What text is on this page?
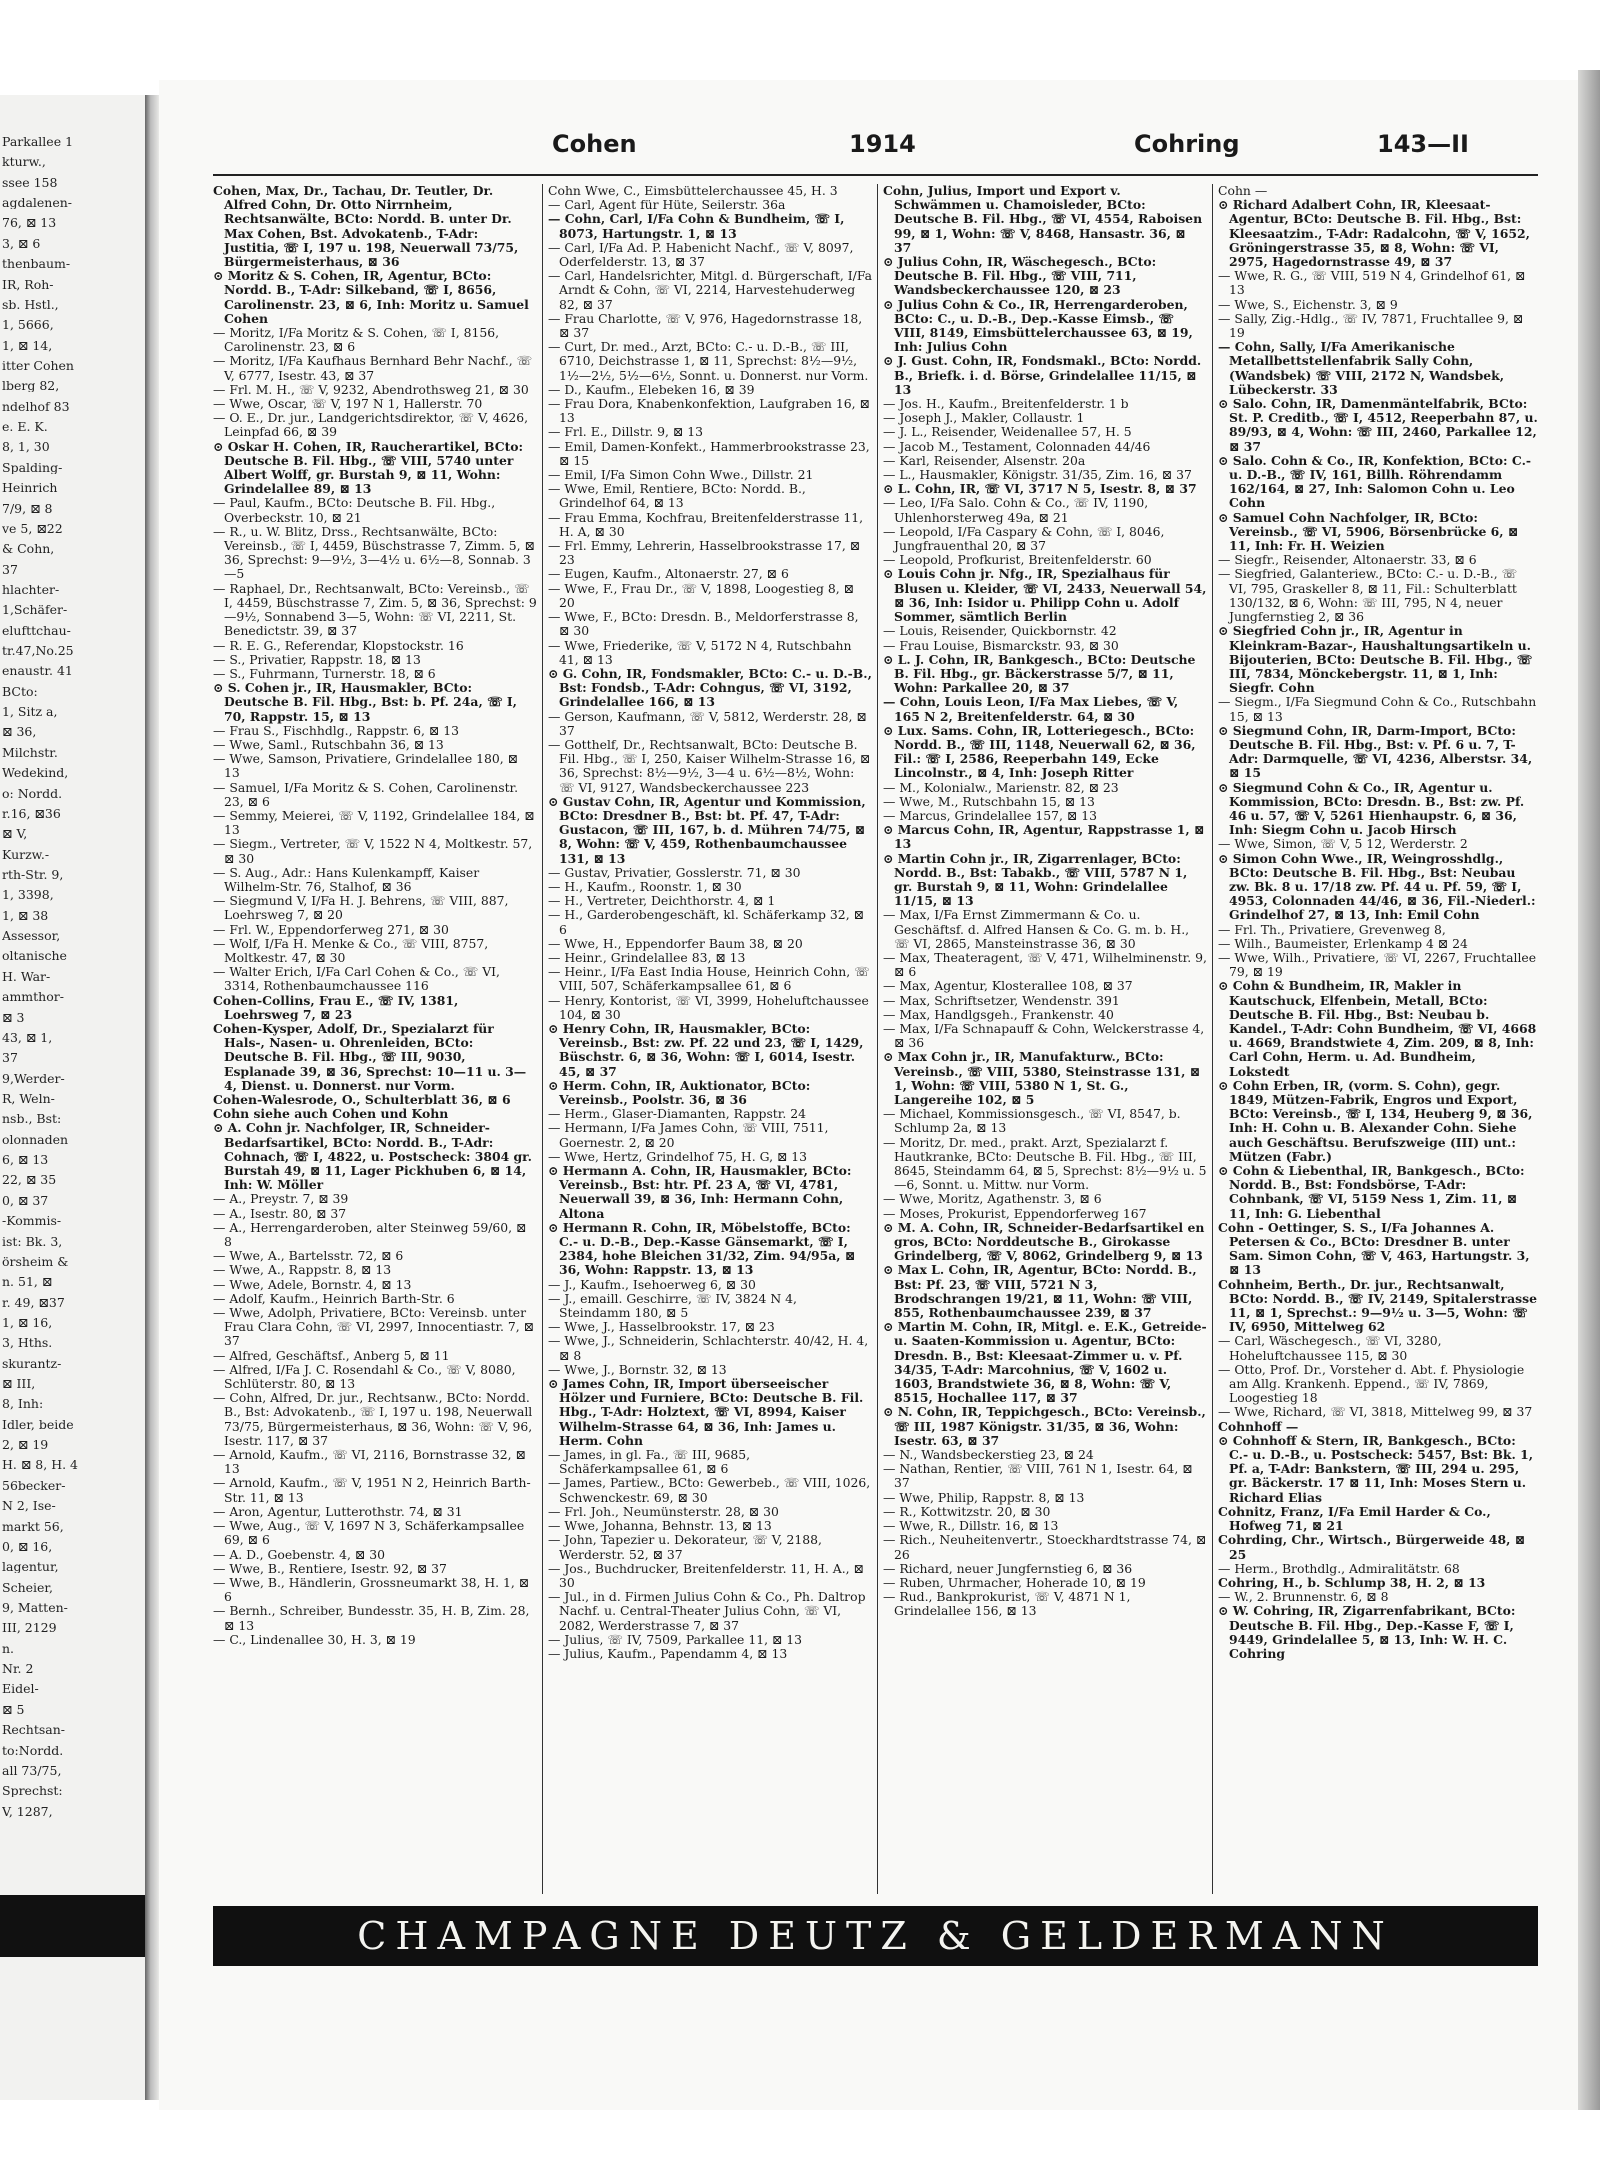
Parkallee 1
kturw.,
ssee 158
agdalenen-
76, ⊠ 13
3, ⊠ 6
thenbaum-
IR, Roh-
sb. Hstl.,
1, 5666,
1, ⊠ 14,
itter Cohen
lberg 82,
ndelhof 83
e. E. K.
8, 1, 30
Spalding-
Heinrich
7/9, ⊠ 8
ve 5, ⊠22
& Cohn,
37
hlachter-
1,Schäfer-
elufttchau-
tr.47,No.25
enaustr. 41
BCto:
1, Sitz a,
⊠ 36,
Milchstr.
Wedekind,
o: Nordd.
r.16, ⊠36
⊠ V,
Kurzw.-
rth-Str. 9,
1, 3398,
1, ⊠ 38
Assessor,
oltanische
H. War-
ammthor-
⊠ 3
43, ⊠ 1,
37
9,Werder-
R, Weln-
nsb., Bst:
olonnaden
6, ⊠ 13
22, ⊠ 35
0, ⊠ 37
-Kommis-
ist: Bk. 3,
örsheim &
n. 51, ⊠
r. 49, ⊠37
1, ⊠ 16,
3, Hths.
skurantz-
⊠ III,
8, Inh:
Idler, beide
2, ⊠ 19
H. ⊠ 8, H. 4
56becker-
N 2, Ise-
markt 56,
0, ⊠ 16,
lagentur,
Scheier,
9, Matten-
III, 2129
n.
Nr. 2
Eidel-
⊠ 5
Rechtsan-
to:Nordd.
all 73/75,
Sprechst:
V, 1287,
Cohen	1914	Cohring	143—II

Cohen, Max, Dr., Tachau, Dr. Teutler, Dr. Alfred Cohn, Dr. Otto Nirrnheim, Rechtsanwälte, BCto: Nordd. B. unter Dr. Max Cohen, Bst. Advokatenb., T-Adr: Justitia, ☏ I, 197 u. 198, Neuerwall 73/75, Bürgermeisterhaus, ⊠ 36

⊙ Moritz & S. Cohen, IR, Agentur, BCto: Nordd. B., T-Adr: Silkeband, ☏ I, 8656, Carolinenstr. 23, ⊠ 6, Inh: Moritz u. Samuel Cohen

— Moritz, I/Fa Moritz & S. Cohen, ☏ I, 8156, Carolinenstr. 23, ⊠ 6

— Moritz, I/Fa Kaufhaus Bernhard Behr Nachf., ☏ V, 6777, Isestr. 43, ⊠ 37

— Frl. M. H., ☏ V, 9232, Abendrothsweg 21, ⊠ 30

— Wwe, Oscar, ☏ V, 197 N 1, Hallerstr. 70

— O. E., Dr. jur., Landgerichtsdirektor, ☏ V, 4626, Leinpfad 66, ⊠ 39

⊙ Oskar H. Cohen, IR, Raucherartikel, BCto: Deutsche B. Fil. Hbg., ☏ VIII, 5740 unter Albert Wolff, gr. Burstah 9, ⊠ 11, Wohn: Grindelallee 89, ⊠ 13

— Paul, Kaufm., BCto: Deutsche B. Fil. Hbg., Overbeckstr. 10, ⊠ 21

— R., u. W. Blitz, Drss., Rechtsanwälte, BCto: Vereinsb., ☏ I, 4459, Büschstrasse 7, Zimm. 5, ⊠ 36, Sprechst: 9—9½, 3—4½ u. 6½—8, Sonnab. 3—5

— Raphael, Dr., Rechtsanwalt, BCto: Vereinsb., ☏ I, 4459, Büschstrasse 7, Zim. 5, ⊠ 36, Sprechst: 9—9½, Sonnabend 3—5, Wohn: ☏ VI, 2211, St. Benedictstr. 39, ⊠ 37

— R. E. G., Referendar, Klopstockstr. 16

— S., Privatier, Rappstr. 18, ⊠ 13

— S., Fuhrmann, Turnerstr. 18, ⊠ 6

⊙ S. Cohen jr., IR, Hausmakler, BCto: Deutsche B. Fil. Hbg., Bst: b. Pf. 24a, ☏ I, 70, Rappstr. 15, ⊠ 13

— Frau S., Fischhdlg., Rappstr. 6, ⊠ 13

— Wwe, Saml., Rutschbahn 36, ⊠ 13

— Wwe, Samson, Privatiere, Grindelallee 180, ⊠ 13

— Samuel, I/Fa Moritz & S. Cohen, Carolinenstr. 23, ⊠ 6

— Semmy, Meierei, ☏ V, 1192, Grindelallee 184, ⊠ 13

— Siegm., Vertreter, ☏ V, 1522 N 4, Moltkestr. 57, ⊠ 30

— S. Aug., Adr.: Hans Kulenkampff, Kaiser Wilhelm-Str. 76, Stalhof, ⊠ 36

— Siegmund V, I/Fa H. J. Behrens, ☏ VIII, 887, Loehrsweg 7, ⊠ 20

— Frl. W., Eppendorferweg 271, ⊠ 30

— Wolf, I/Fa H. Menke & Co., ☏ VIII, 8757, Moltkestr. 47, ⊠ 30

— Walter Erich, I/Fa Carl Cohen & Co., ☏ VI, 3314, Rothenbaumchaussee 116

Cohen-Collins, Frau E., ☏ IV, 1381, Loehrsweg 7, ⊠ 23

Cohen-Kysper, Adolf, Dr., Spezialarzt für Hals-, Nasen- u. Ohrenleiden, BCto: Deutsche B. Fil. Hbg., ☏ III, 9030, Esplanade 39, ⊠ 36, Sprechst: 10—11 u. 3—4, Dienst. u. Donnerst. nur Vorm.

Cohen-Walesrode, O., Schulterblatt 36, ⊠ 6

Cohn siehe auch Cohen und Kohn

⊙ A. Cohn jr. Nachfolger, IR, Schneider-Bedarfsartikel, BCto: Nordd. B., T-Adr: Cohnach, ☏ I, 4822, u. Postscheck: 3804 gr. Burstah 49, ⊠ 11, Lager Pickhuben 6, ⊠ 14, Inh: W. Möller

— A., Preystr. 7, ⊠ 39

— A., Isestr. 80, ⊠ 37

— A., Herrengarderoben, alter Steinweg 59/60, ⊠ 8

— Wwe, A., Bartelsstr. 72, ⊠ 6

— Wwe, A., Rappstr. 8, ⊠ 13

— Wwe, Adele, Bornstr. 4, ⊠ 13

— Adolf, Kaufm., Heinrich Barth-Str. 6

— Wwe, Adolph, Privatiere, BCto: Vereinsb. unter Frau Clara Cohn, ☏ VI, 2997, Innocentiastr. 7, ⊠ 37

— Alfred, Geschäftsf., Anberg 5, ⊠ 11

— Alfred, I/Fa J. C. Rosendahl & Co., ☏ V, 8080, Schlüterstr. 80, ⊠ 13

— Cohn, Alfred, Dr. jur., Rechtsanw., BCto: Nordd. B., Bst: Advokatenb., ☏ I, 197 u. 198, Neuerwall 73/75, Bürgermeisterhaus, ⊠ 36, Wohn: ☏ V, 96, Isestr. 117, ⊠ 37

— Arnold, Kaufm., ☏ VI, 2116, Bornstrasse 32, ⊠ 13

— Arnold, Kaufm., ☏ V, 1951 N 2, Heinrich Barth-Str. 11, ⊠ 13

— Aron, Agentur, Lutterothstr. 74, ⊠ 31

— Wwe, Aug., ☏ V, 1697 N 3, Schäferkampsallee 69, ⊠ 6

— A. D., Goebenstr. 4, ⊠ 30

— Wwe, B., Rentiere, Isestr. 92, ⊠ 37

— Wwe, B., Händlerin, Grossneumarkt 38, H. 1, ⊠ 6

— Bernh., Schreiber, Bundesstr. 35, H. B, Zim. 28, ⊠ 13

— C., Lindenallee 30, H. 3, ⊠ 19

Cohn Wwe, C., Eimsbüttelerchaussee 45, H. 3

— Carl, Agent für Hüte, Seilerstr. 36a

— Cohn, Carl, I/Fa Cohn & Bundheim, ☏ I, 8073, Hartungstr. 1, ⊠ 13

— Carl, I/Fa Ad. P. Habenicht Nachf., ☏ V, 8097, Oderfelderstr. 13, ⊠ 37

— Carl, Handelsrichter, Mitgl. d. Bürgerschaft, I/Fa Arndt & Cohn, ☏ VI, 2214, Harvestehuderweg 82, ⊠ 37

— Frau Charlotte, ☏ V, 976, Hagedornstrasse 18, ⊠ 37

— Curt, Dr. med., Arzt, BCto: C.- u. D.-B., ☏ III, 6710, Deichstrasse 1, ⊠ 11, Sprechst: 8½—9½, 1½—2½, 5½—6½, Sonnt. u. Donnerst. nur Vorm.

— D., Kaufm., Elebeken 16, ⊠ 39

— Frau Dora, Knabenkonfektion, Laufgraben 16, ⊠ 13

— Frl. E., Dillstr. 9, ⊠ 13

— Emil, Damen-Konfekt., Hammerbrookstrasse 23, ⊠ 15

— Emil, I/Fa Simon Cohn Wwe., Dillstr. 21

— Wwe, Emil, Rentiere, BCto: Nordd. B., Grindelhof 64, ⊠ 13

— Frau Emma, Kochfrau, Breitenfelderstrasse 11, H. A, ⊠ 30

— Frl. Emmy, Lehrerin, Hasselbrookstrasse 17, ⊠ 23

— Eugen, Kaufm., Altonaerstr. 27, ⊠ 6

— Wwe, F., Frau Dr., ☏ V, 1898, Loogestieg 8, ⊠ 20

— Wwe, F., BCto: Dresdn. B., Meldorferstrasse 8, ⊠ 30

— Wwe, Friederike, ☏ V, 5172 N 4, Rutschbahn 41, ⊠ 13

⊙ G. Cohn, IR, Fondsmakler, BCto: C.- u. D.-B., Bst: Fondsb., T-Adr: Cohngus, ☏ VI, 3192, Grindelallee 166, ⊠ 13

— Gerson, Kaufmann, ☏ V, 5812, Werderstr. 28, ⊠ 37

— Gotthelf, Dr., Rechtsanwalt, BCto: Deutsche B. Fil. Hbg., ☏ I, 250, Kaiser Wilhelm-Strasse 16, ⊠ 36, Sprechst: 8½—9½, 3—4 u. 6½—8½, Wohn: ☏ VI, 9127, Wandsbeckerchaussee 223

⊙ Gustav Cohn, IR, Agentur und Kommission, BCto: Dresdner B., Bst: bt. Pf. 47, T-Adr: Gustacon, ☏ III, 167, b. d. Mühren 74/75, ⊠ 8, Wohn: ☏ V, 459, Rothenbaumchaussee 131, ⊠ 13

— Gustav, Privatier, Gosslerstr. 71, ⊠ 30

— H., Kaufm., Roonstr. 1, ⊠ 30

— H., Vertreter, Deichthorstr. 4, ⊠ 1

— H., Garderobengeschäft, kl. Schäferkamp 32, ⊠ 6

— Wwe, H., Eppendorfer Baum 38, ⊠ 20

— Heinr., Grindelallee 83, ⊠ 13

— Heinr., I/Fa East India House, Heinrich Cohn, ☏ VIII, 507, Schäferkampsallee 61, ⊠ 6

— Henry, Kontorist, ☏ VI, 3999, Hoheluftchaussee 104, ⊠ 30

⊙ Henry Cohn, IR, Hausmakler, BCto: Vereinsb., Bst: zw. Pf. 22 und 23, ☏ I, 1429, Büschstr. 6, ⊠ 36, Wohn: ☏ I, 6014, Isestr. 45, ⊠ 37

⊙ Herm. Cohn, IR, Auktionator, BCto: Vereinsb., Poolstr. 36, ⊠ 36

— Herm., Glaser-Diamanten, Rappstr. 24

— Hermann, I/Fa James Cohn, ☏ VIII, 7511, Goernestr. 2, ⊠ 20

— Wwe, Hertz, Grindelhof 75, H. G, ⊠ 13

⊙ Hermann A. Cohn, IR, Hausmakler, BCto: Vereinsb., Bst: htr. Pf. 23 A, ☏ VI, 4781, Neuerwall 39, ⊠ 36, Inh: Hermann Cohn, Altona

⊙ Hermann R. Cohn, IR, Möbelstoffe, BCto: C.- u. D.-B., Dep.-Kasse Gänsemarkt, ☏ I, 2384, hohe Bleichen 31/32, Zim. 94/95a, ⊠ 36, Wohn: Rappstr. 13, ⊠ 13

— J., Kaufm., Isehoerweg 6, ⊠ 30

— J., emaill. Geschirre, ☏ IV, 3824 N 4, Steindamm 180, ⊠ 5

— Wwe, J., Hasselbrookstr. 17, ⊠ 23

— Wwe, J., Schneiderin, Schlachterstr. 40/42, H. 4, ⊠ 8

— Wwe, J., Bornstr. 32, ⊠ 13

⊙ James Cohn, IR, Import überseeischer Hölzer und Furniere, BCto: Deutsche B. Fil. Hbg., T-Adr: Holztext, ☏ VI, 8994, Kaiser Wilhelm-Strasse 64, ⊠ 36, Inh: James u. Herm. Cohn

— James, in gl. Fa., ☏ III, 9685, Schäferkampsallee 61, ⊠ 6

— James, Partiew., BCto: Gewerbeb., ☏ VIII, 1026, Schwenckestr. 69, ⊠ 30

— Frl. Joh., Neumünsterstr. 28, ⊠ 30

— Wwe, Johanna, Behnstr. 13, ⊠ 13

— John, Tapezier u. Dekorateur, ☏ V, 2188, Werderstr. 52, ⊠ 37

— Jos., Buchdrucker, Breitenfelderstr. 11, H. A., ⊠ 30

— Jul., in d. Firmen Julius Cohn & Co., Ph. Daltrop Nachf. u. Central-Theater Julius Cohn, ☏ VI, 2082, Werderstrasse 7, ⊠ 37

— Julius, ☏ IV, 7509, Parkallee 11, ⊠ 13

— Julius, Kaufm., Papendamm 4, ⊠ 13

Cohn, Julius, Import und Export v. Schwämmen u. Chamoisleder, BCto: Deutsche B. Fil. Hbg., ☏ VI, 4554, Raboisen 99, ⊠ 1, Wohn: ☏ V, 8468, Hansastr. 36, ⊠ 37

⊙ Julius Cohn, IR, Wäschegesch., BCto: Deutsche B. Fil. Hbg., ☏ VIII, 711, Wandsbeckerchaussee 120, ⊠ 23

⊙ Julius Cohn & Co., IR, Herrengarderoben, BCto: C., u. D.-B., Dep.-Kasse Eimsb., ☏ VIII, 8149, Eimsbüttelerchaussee 63, ⊠ 19, Inh: Julius Cohn

⊙ J. Gust. Cohn, IR, Fondsmakl., BCto: Nordd. B., Briefk. i. d. Börse, Grindelallee 11/15, ⊠ 13

— Jos. H., Kaufm., Breitenfelderstr. 1 b

— Joseph J., Makler, Collaustr. 1

— J. L., Reisender, Weidenallee 57, H. 5

— Jacob M., Testament, Colonnaden 44/46

— Karl, Reisender, Alsenstr. 20a

— L., Hausmakler, Königstr. 31/35, Zim. 16, ⊠ 37

⊙ L. Cohn, IR, ☏ VI, 3717 N 5, Isestr. 8, ⊠ 37

— Leo, I/Fa Salo. Cohn & Co., ☏ IV, 1190, Uhlenhorsterweg 49a, ⊠ 21

— Leopold, I/Fa Caspary & Cohn, ☏ I, 8046, Jungfrauenthal 20, ⊠ 37

— Leopold, Profkurist, Breitenfelderstr. 60

⊙ Louis Cohn jr. Nfg., IR, Spezialhaus für Blusen u. Kleider, ☏ VI, 2433, Neuerwall 54, ⊠ 36, Inh: Isidor u. Philipp Cohn u. Adolf Sommer, sämtlich Berlin

— Louis, Reisender, Quickbornstr. 42

— Frau Louise, Bismarckstr. 93, ⊠ 30

⊙ L. J. Cohn, IR, Bankgesch., BCto: Deutsche B. Fil. Hbg., gr. Bäckerstrasse 5/7, ⊠ 11, Wohn: Parkallee 20, ⊠ 37

— Cohn, Louis Leon, I/Fa Max Liebes, ☏ V, 165 N 2, Breitenfelderstr. 64, ⊠ 30

⊙ Lux. Sams. Cohn, IR, Lotteriegesch., BCto: Nordd. B., ☏ III, 1148, Neuerwall 62, ⊠ 36, Fil.: ☏ I, 2586, Reeperbahn 149, Ecke Lincolnstr., ⊠ 4, Inh: Joseph Ritter

— M., Kolonialw., Marienstr. 82, ⊠ 23

— Wwe, M., Rutschbahn 15, ⊠ 13

— Marcus, Grindelallee 157, ⊠ 13

⊙ Marcus Cohn, IR, Agentur, Rappstrasse 1, ⊠ 13

⊙ Martin Cohn jr., IR, Zigarrenlager, BCto: Nordd. B., Bst: Tabakb., ☏ VIII, 5787 N 1, gr. Burstah 9, ⊠ 11, Wohn: Grindelallee 11/15, ⊠ 13

— Max, I/Fa Ernst Zimmermann & Co. u. Geschäftsf. d. Alfred Hansen & Co. G. m. b. H., ☏ VI, 2865, Mansteinstrasse 36, ⊠ 30

— Max, Theateragent, ☏ V, 471, Wilhelminenstr. 9, ⊠ 6

— Max, Agentur, Klosterallee 108, ⊠ 37

— Max, Schriftsetzer, Wendenstr. 391

— Max, Handlgsgeh., Frankenstr. 40

— Max, I/Fa Schnapauff & Cohn, Welckerstrasse 4, ⊠ 36

⊙ Max Cohn jr., IR, Manufakturw., BCto: Vereinsb., ☏ VIII, 5380, Steinstrasse 131, ⊠ 1, Wohn: ☏ VIII, 5380 N 1, St. G., Langereihe 102, ⊠ 5

— Michael, Kommissionsgesch., ☏ VI, 8547, b. Schlump 2a, ⊠ 13

— Moritz, Dr. med., prakt. Arzt, Spezialarzt f. Hautkranke, BCto: Deutsche B. Fil. Hbg., ☏ III, 8645, Steindamm 64, ⊠ 5, Sprechst: 8½—9½ u. 5—6, Sonnt. u. Mittw. nur Vorm.

— Wwe, Moritz, Agathenstr. 3, ⊠ 6

— Moses, Prokurist, Eppendorferweg 167

⊙ M. A. Cohn, IR, Schneider-Bedarfsartikel en gros, BCto: Norddeutsche B., Girokasse Grindelberg, ☏ V, 8062, Grindelberg 9, ⊠ 13

⊙ Max L. Cohn, IR, Agentur, BCto: Nordd. B., Bst: Pf. 23, ☏ VIII, 5721 N 3, Brodschrangen 19/21, ⊠ 11, Wohn: ☏ VIII, 855, Rothenbaumchaussee 239, ⊠ 37

⊙ Martin M. Cohn, IR, Mitgl. e. E.K., Getreide- u. Saaten-Kommission u. Agentur, BCto: Dresdn. B., Bst: Kleesaat-Zimmer u. v. Pf. 34/35, T-Adr: Marcohnius, ☏ V, 1602 u. 1603, Brandstwiete 36, ⊠ 8, Wohn: ☏ V, 8515, Hochallee 117, ⊠ 37

⊙ N. Cohn, IR, Teppichgesch., BCto: Vereinsb., ☏ III, 1987 Königstr. 31/35, ⊠ 36, Wohn: Isestr. 63, ⊠ 37

— N., Wandsbeckerstieg 23, ⊠ 24

— Nathan, Rentier, ☏ VIII, 761 N 1, Isestr. 64, ⊠ 37

— Wwe, Philip, Rappstr. 8, ⊠ 13

— R., Kottwitzstr. 20, ⊠ 30

— Wwe, R., Dillstr. 16, ⊠ 13

— Rich., Neuheitenvertr., Stoeckhardtstrasse 74, ⊠ 26

— Richard, neuer Jungfernstieg 6, ⊠ 36

— Ruben, Uhrmacher, Hoherade 10, ⊠ 19

— Rud., Bankprokurist, ☏ V, 4871 N 1, Grindelallee 156, ⊠ 13

Cohn —

⊙ Richard Adalbert Cohn, IR, Kleesaat-Agentur, BCto: Deutsche B. Fil. Hbg., Bst: Kleesaatzim., T-Adr: Radalcohn, ☏ V, 1652, Gröningerstrasse 35, ⊠ 8, Wohn: ☏ VI, 2975, Hagedornstrasse 49, ⊠ 37

— Wwe, R. G., ☏ VIII, 519 N 4, Grindelhof 61, ⊠ 13

— Wwe, S., Eichenstr. 3, ⊠ 9

— Sally, Zig.-Hdlg., ☏ IV, 7871, Fruchtallee 9, ⊠ 19

— Cohn, Sally, I/Fa Amerikanische Metallbettstellenfabrik Sally Cohn, (Wandsbek) ☏ VIII, 2172 N, Wandsbek, Lübeckerstr. 33

⊙ Salo. Cohn, IR, Damenmäntelfabrik, BCto: St. P. Creditb., ☏ I, 4512, Reeperbahn 87, u. 89/93, ⊠ 4, Wohn: ☏ III, 2460, Parkallee 12, ⊠ 37

⊙ Salo. Cohn & Co., IR, Konfektion, BCto: C.- u. D.-B., ☏ IV, 161, Billh. Röhrendamm 162/164, ⊠ 27, Inh: Salomon Cohn u. Leo Cohn

⊙ Samuel Cohn Nachfolger, IR, BCto: Vereinsb., ☏ VI, 5906, Börsenbrücke 6, ⊠ 11, Inh: Fr. H. Weizien

— Siegfr., Reisender, Altonaerstr. 33, ⊠ 6

— Siegfried, Galanteriew., BCto: C.- u. D.-B., ☏ VI, 795, Graskeller 8, ⊠ 11, Fil.: Schulterblatt 130/132, ⊠ 6, Wohn: ☏ III, 795, N 4, neuer Jungfernstieg 2, ⊠ 36

⊙ Siegfried Cohn jr., IR, Agentur in Kleinkram-Bazar-, Haushaltungsartikeln u. Bijouterien, BCto: Deutsche B. Fil. Hbg., ☏ III, 7834, Mönckebergstr. 11, ⊠ 1, Inh: Siegfr. Cohn

— Siegm., I/Fa Siegmund Cohn & Co., Rutschbahn 15, ⊠ 13

⊙ Siegmund Cohn, IR, Darm-Import, BCto: Deutsche B. Fil. Hbg., Bst: v. Pf. 6 u. 7, T-Adr: Darmquelle, ☏ VI, 4236, Alberstsr. 34, ⊠ 15

⊙ Siegmund Cohn & Co., IR, Agentur u. Kommission, BCto: Dresdn. B., Bst: zw. Pf. 46 u. 57, ☏ V, 5261 Hienhaupstr. 6, ⊠ 36, Inh: Siegm Cohn u. Jacob Hirsch

— Wwe, Simon, ☏ V, 5 12, Werderstr. 2

⊙ Simon Cohn Wwe., IR, Weingrosshdlg., BCto: Deutsche B. Fil. Hbg., Bst: Neubau zw. Bk. 8 u. 17/18 zw. Pf. 44 u. Pf. 59, ☏ I, 4953, Colonnaden 44/46, ⊠ 36, Fil.-Niederl.: Grindelhof 27, ⊠ 13, Inh: Emil Cohn

— Frl. Th., Privatiere, Grevenweg 8,

— Wilh., Baumeister, Erlenkamp 4 ⊠ 24

— Wwe, Wilh., Privatiere, ☏ VI, 2267, Fruchtallee 79, ⊠ 19

⊙ Cohn & Bundheim, IR, Makler in Kautschuck, Elfenbein, Metall, BCto: Deutsche B. Fil. Hbg., Bst: Neubau b. Kandel., T-Adr: Cohn Bundheim, ☏ VI, 4668 u. 4669, Brandstwiete 4, Zim. 209, ⊠ 8, Inh: Carl Cohn, Herm. u. Ad. Bundheim, Lokstedt

⊙ Cohn Erben, IR, (vorm. S. Cohn), gegr. 1849, Mützen-Fabrik, Engros und Export, BCto: Vereinsb., ☏ I, 134, Heuberg 9, ⊠ 36, Inh: H. Cohn u. B. Alexander Cohn. Siehe auch Geschäftsu. Berufszweige (III) unt.: Mützen (Fabr.)

⊙ Cohn & Liebenthal, IR, Bankgesch., BCto: Nordd. B., Bst: Fondsbörse, T-Adr: Cohnbank, ☏ VI, 5159 Ness 1, Zim. 11, ⊠ 11, Inh: G. Liebenthal

Cohn - Oettinger, S. S., I/Fa Johannes A. Petersen & Co., BCto: Dresdner B. unter Sam. Simon Cohn, ☏ V, 463, Hartungstr. 3, ⊠ 13

Cohnheim, Berth., Dr. jur., Rechtsanwalt, BCto: Nordd. B., ☏ IV, 2149, Spitalerstrasse 11, ⊠ 1, Sprechst.: 9—9½ u. 3—5, Wohn: ☏ IV, 6950, Mittelweg 62

— Carl, Wäschegesch., ☏ VI, 3280, Hoheluftchaussee 115, ⊠ 30

— Otto, Prof. Dr., Vorsteher d. Abt. f. Physiologie am Allg. Krankenh. Eppend., ☏ IV, 7869, Loogestieg 18

— Wwe, Richard, ☏ VI, 3818, Mittelweg 99, ⊠ 37

Cohnhoff —

⊙ Cohnhoff & Stern, IR, Bankgesch., BCto: C.- u. D.-B., u. Postscheck: 5457, Bst: Bk. 1, Pf. a, T-Adr: Bankstern, ☏ III, 294 u. 295, gr. Bäckerstr. 17 ⊠ 11, Inh: Moses Stern u. Richard Elias

Cohnitz, Franz, I/Fa Emil Harder & Co., Hofweg 71, ⊠ 21

Cohrding, Chr., Wirtsch., Bürgerweide 48, ⊠ 25

— Herm., Brothdlg., Admiralitätstr. 68

Cohring, H., b. Schlump 38, H. 2, ⊠ 13

— W., 2. Brunnenstr. 6, ⊠ 8

⊙ W. Cohring, IR, Zigarrenfabrikant, BCto: Deutsche B. Fil. Hbg., Dep.-Kasse F, ☏ I, 9449, Grindelallee 5, ⊠ 13, Inh: W. H. C. Cohring

CHAMPAGNE DEUTZ & GELDERMANN
